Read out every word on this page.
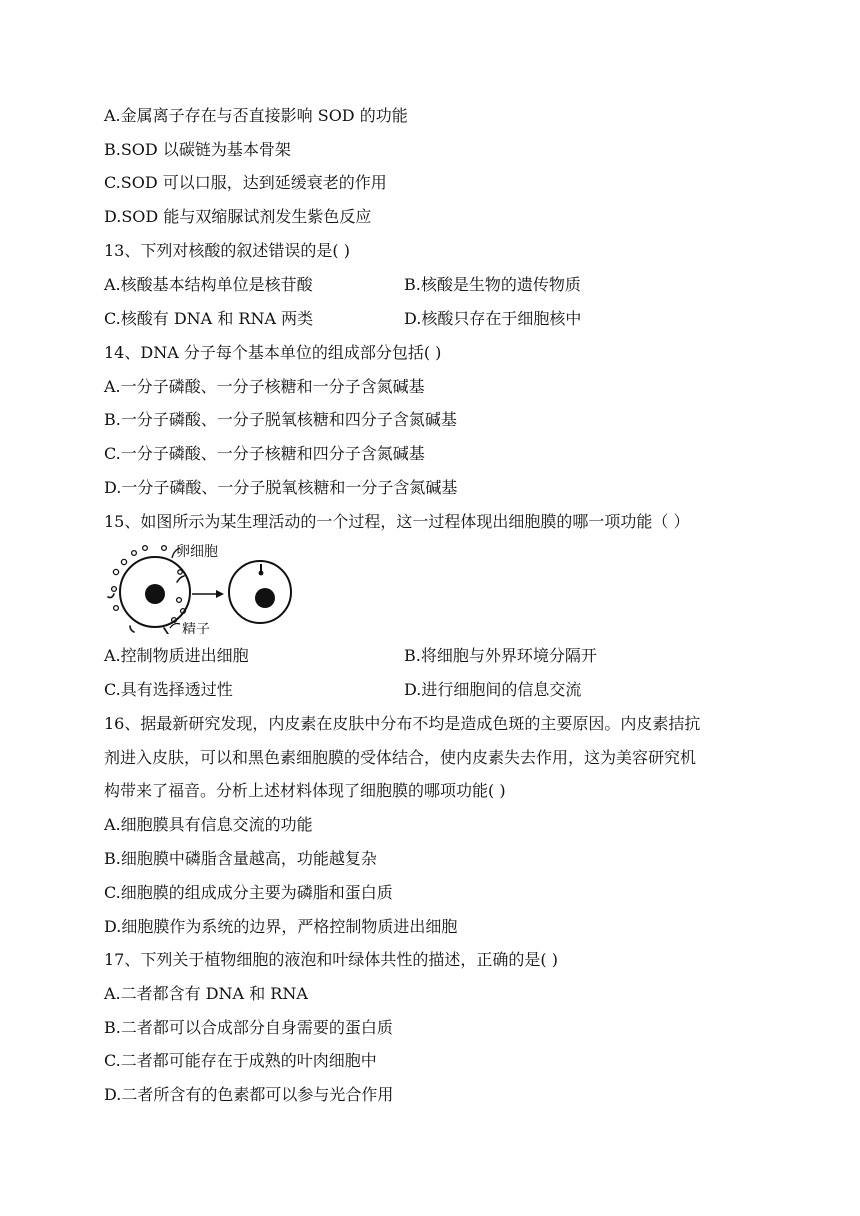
A.金属离子存在与否直接影响 SOD 的功能
B.SOD 以碳链为基本骨架
C.SOD 可以口服，达到延缓衰老的作用
D.SOD 能与双缩脲试剂发生紫色反应
13、下列对核酸的叙述错误的是( )
A.核酸基本结构单位是核苷酸	B.核酸是生物的遗传物质
C.核酸有 DNA 和 RNA 两类	D.核酸只存在于细胞核中
14、DNA 分子每个基本单位的组成部分包括( )
A.一分子磷酸、一分子核糖和一分子含氮碱基
B.一分子磷酸、一分子脱氧核糖和四分子含氮碱基
C.一分子磷酸、一分子核糖和四分子含氮碱基
D.一分子磷酸、一分子脱氧核糖和一分子含氮碱基
15、如图所示为某生理活动的一个过程，这一过程体现出细胞膜的哪一项功能（ ）
卵细胞
精子
A.控制物质进出细胞	B.将细胞与外界环境分隔开
C.具有选择透过性	D.进行细胞间的信息交流
16、据最新研究发现，内皮素在皮肤中分布不均是造成色斑的主要原因。内皮素拮抗
剂进入皮肤，可以和黑色素细胞膜的受体结合，使内皮素失去作用，这为美容研究机
构带来了福音。分析上述材料体现了细胞膜的哪项功能( )
A.细胞膜具有信息交流的功能
B.细胞膜中磷脂含量越高，功能越复杂
C.细胞膜的组成成分主要为磷脂和蛋白质
D.细胞膜作为系统的边界，严格控制物质进出细胞
17、下列关于植物细胞的液泡和叶绿体共性的描述，正确的是( )
A.二者都含有 DNA 和 RNA
B.二者都可以合成部分自身需要的蛋白质
C.二者都可能存在于成熟的叶肉细胞中
D.二者所含有的色素都可以参与光合作用
